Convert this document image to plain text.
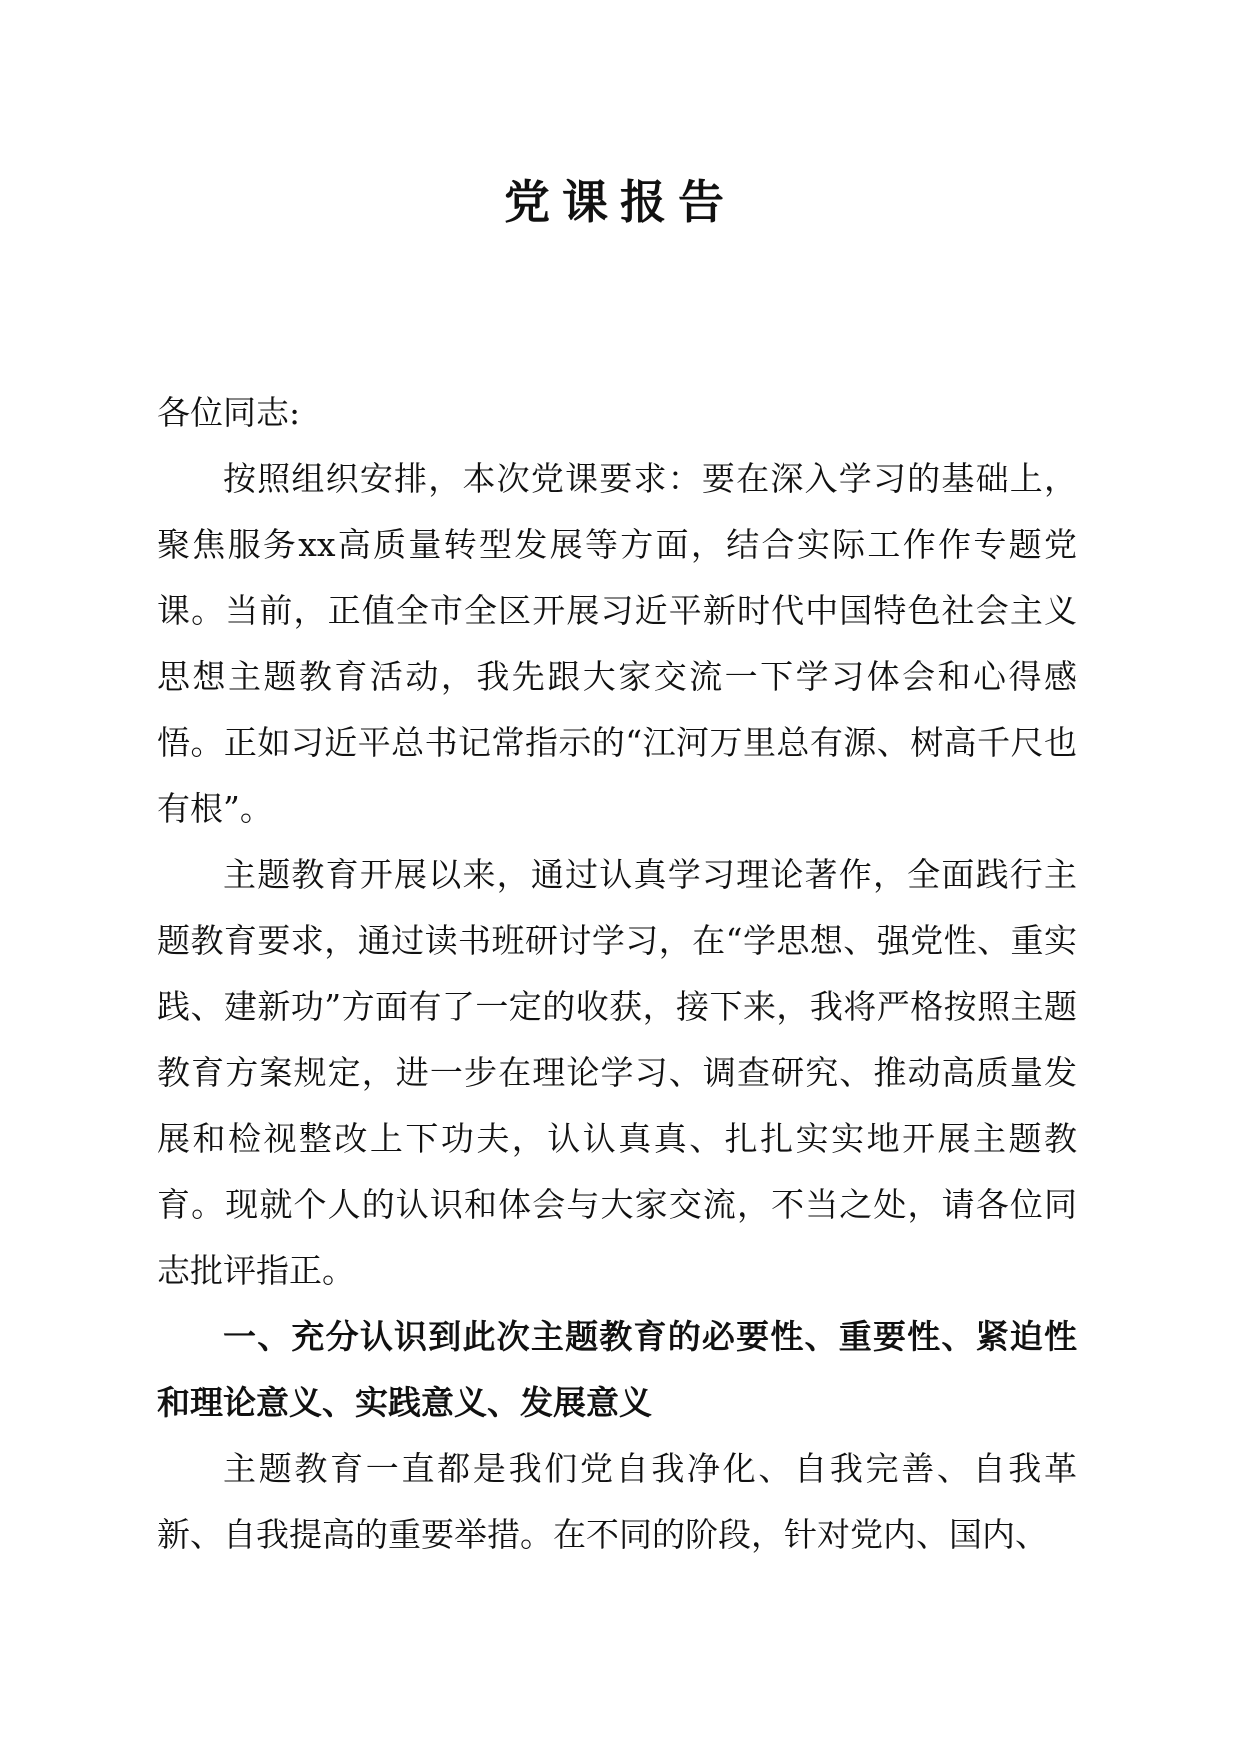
党课报告

各位同志:

按照组织安排，本次党课要求：要在深入学习的基础上，聚焦服务xx高质量转型发展等方面，结合实际工作作专题党课。当前，正值全市全区开展习近平新时代中国特色社会主义思想主题教育活动，我先跟大家交流一下学习体会和心得感悟。正如习近平总书记常指示的“江河万里总有源、树高千尺也有根”。

主题教育开展以来，通过认真学习理论著作，全面践行主题教育要求，通过读书班研讨学习，在“学思想、强党性、重实践、建新功”方面有了一定的收获，接下来，我将严格按照主题教育方案规定，进一步在理论学习、调查研究、推动高质量发展和检视整改上下功夫，认认真真、扎扎实实地开展主题教育。现就个人的认识和体会与大家交流，不当之处，请各位同志批评指正。

一、充分认识到此次主题教育的必要性、重要性、紧迫性和理论意义、实践意义、发展意义

主题教育一直都是我们党自我净化、自我完善、自我革新、自我提高的重要举措。在不同的阶段，针对党内、国内、
